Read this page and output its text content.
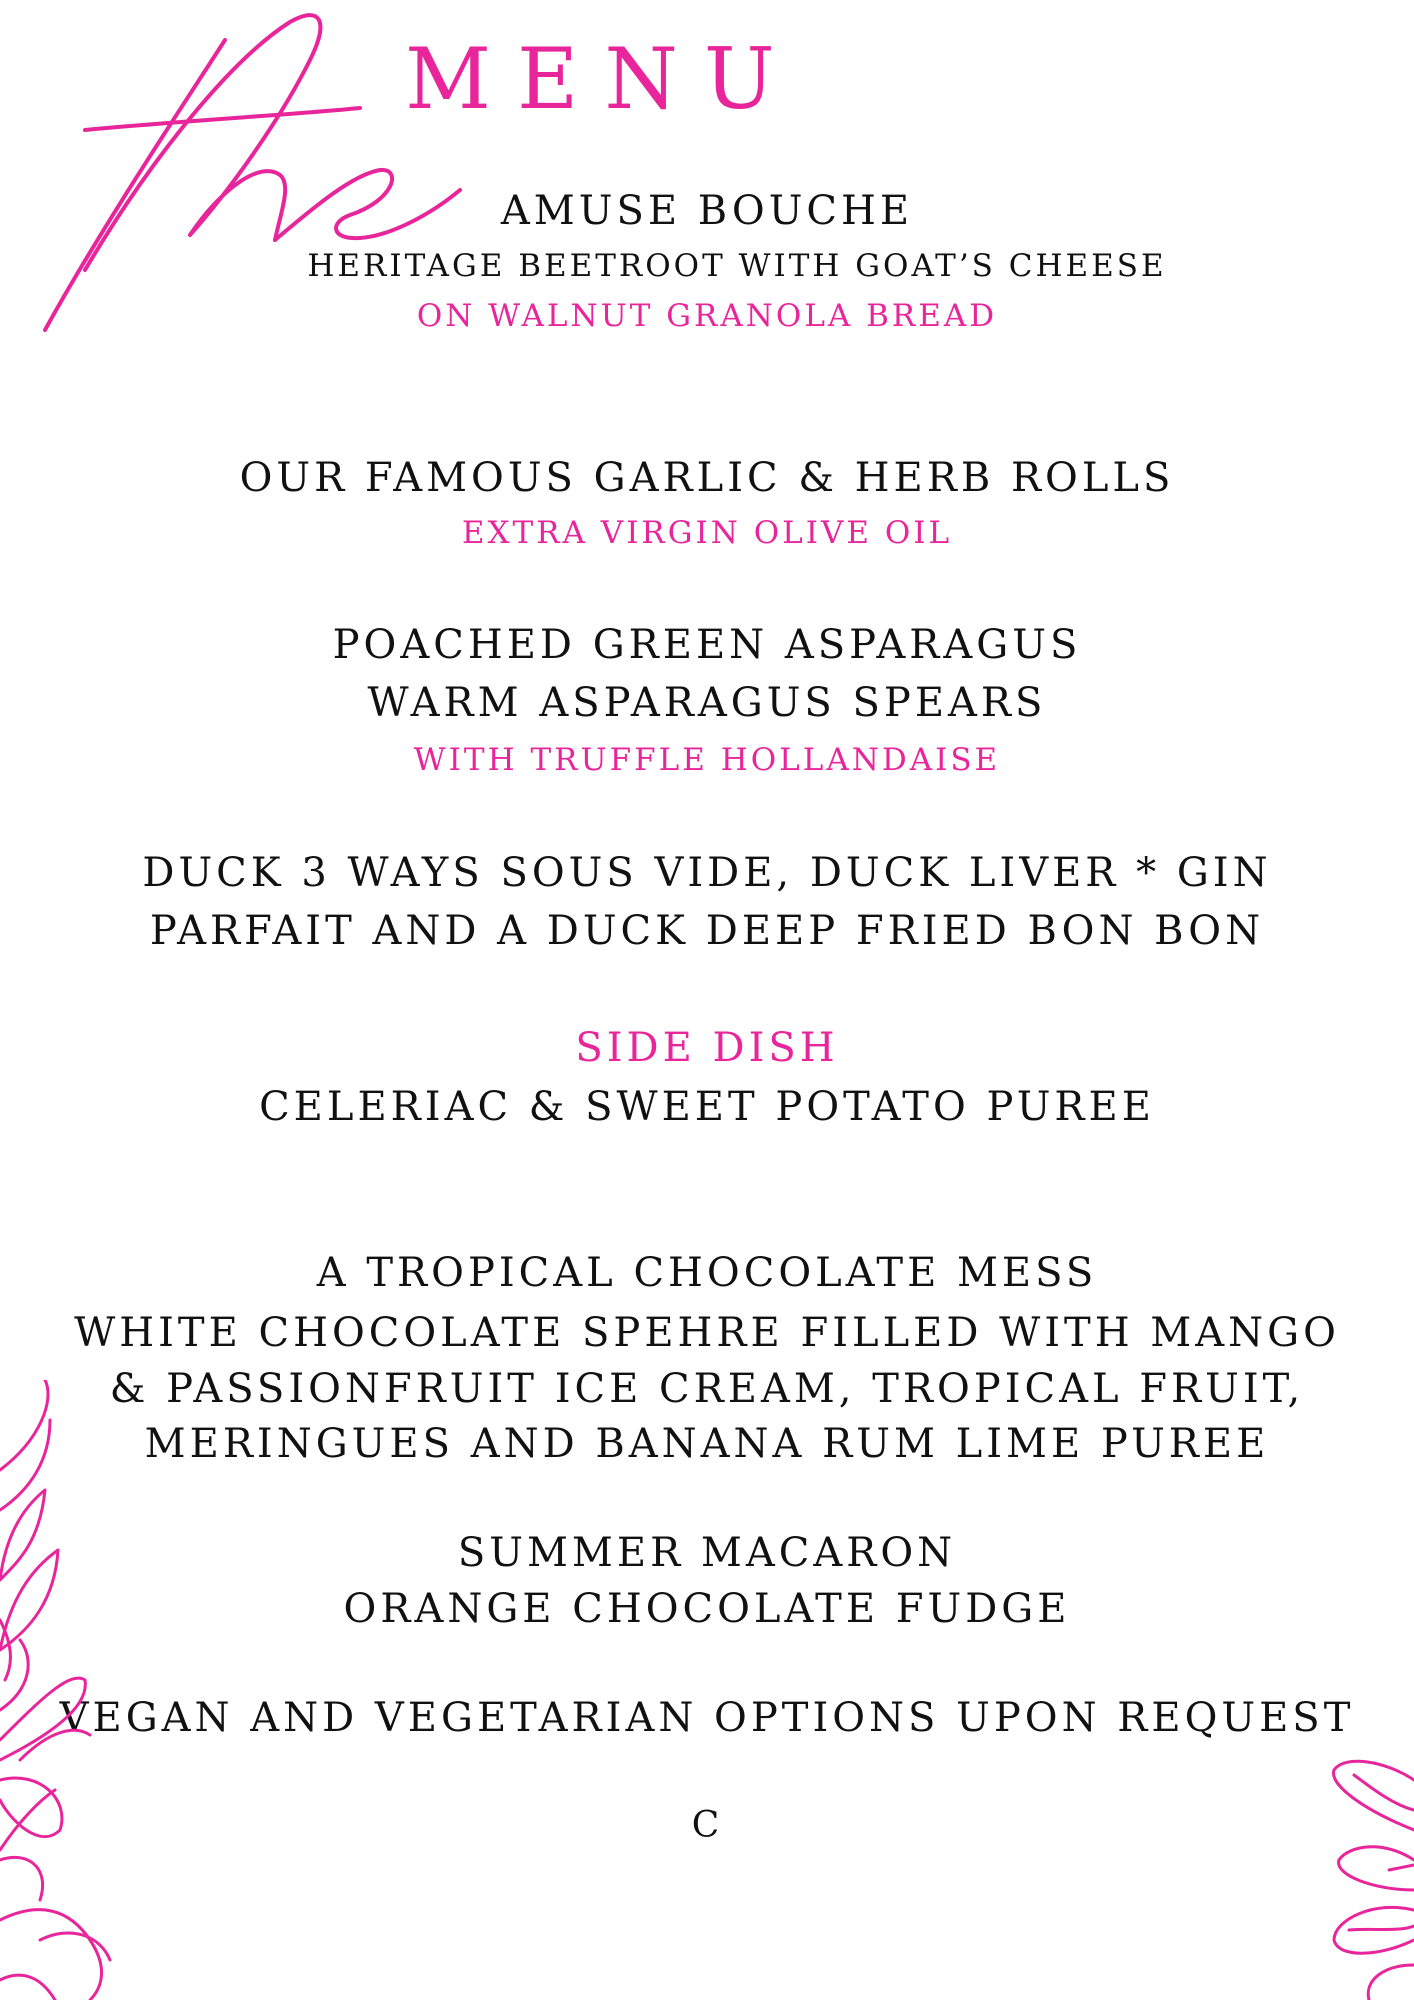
MENU
AMUSE BOUCHE
HERITAGE BEETROOT WITH GOAT’S CHEESE
ON WALNUT GRANOLA BREAD
OUR FAMOUS GARLIC & HERB ROLLS
EXTRA VIRGIN OLIVE OIL
POACHED GREEN ASPARAGUS
WARM ASPARAGUS SPEARS
WITH TRUFFLE HOLLANDAISE
DUCK 3 WAYS SOUS VIDE, DUCK LIVER * GIN
PARFAIT AND A DUCK DEEP FRIED BON BON
SIDE DISH
CELERIAC & SWEET POTATO PUREE
A TROPICAL CHOCOLATE MESS
WHITE CHOCOLATE SPEHRE FILLED WITH MANGO
& PASSIONFRUIT ICE CREAM, TROPICAL FRUIT,
MERINGUES AND BANANA RUM LIME PUREE
SUMMER MACARON
ORANGE CHOCOLATE FUDGE
VEGAN AND VEGETARIAN OPTIONS UPON REQUEST
C
